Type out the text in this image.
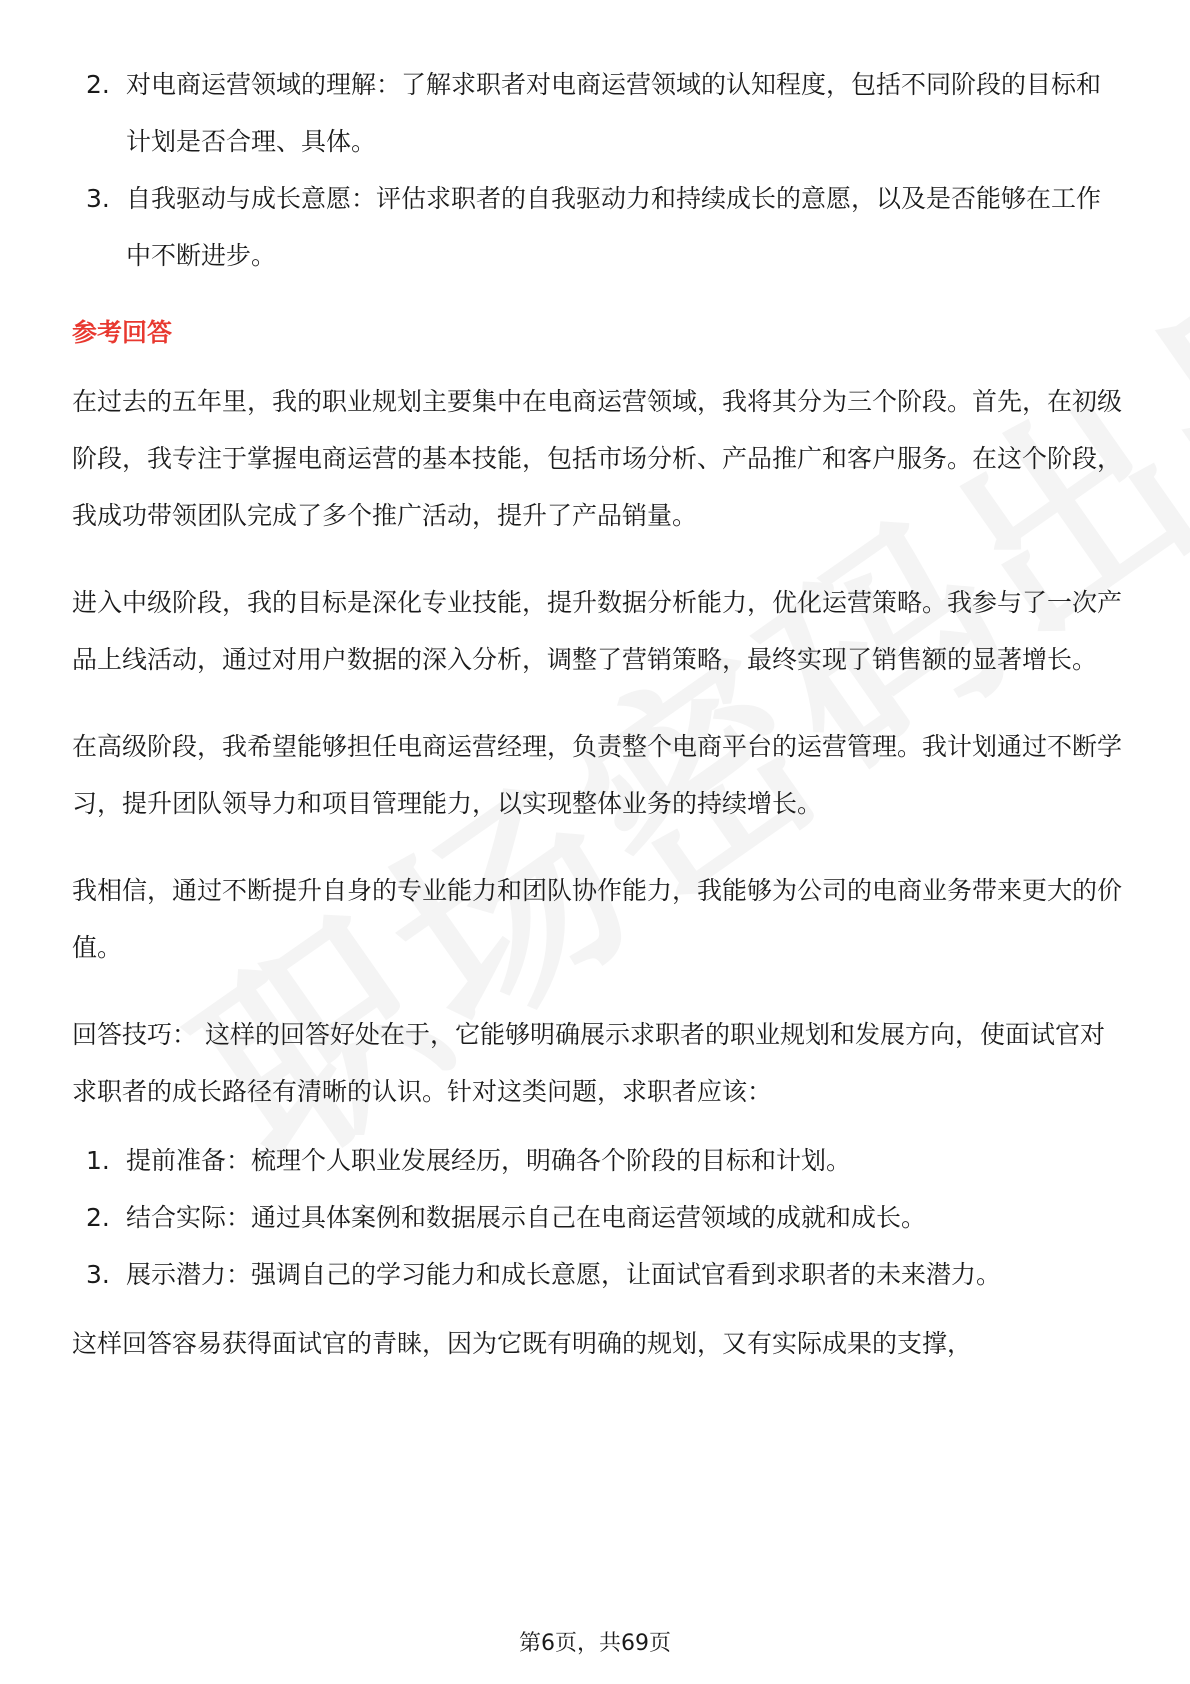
2. 对电商运营领域的理解：了解求职者对电商运营领域的认知程度，包括不同阶段的目标和计划是否合理、具体。
3. 自我驱动与成长意愿：评估求职者的自我驱动力和持续成长的意愿，以及是否能够在工作中不断进步。
参考回答

在过去的五年里，我的职业规划主要集中在电商运营领域，我将其分为三个阶段。首先，在初级阶段，我专注于掌握电商运营的基本技能，包括市场分析、产品推广和客户服务。在这个阶段，我成功带领团队完成了多个推广活动，提升了产品销量。

进入中级阶段，我的目标是深化专业技能，提升数据分析能力，优化运营策略。我参与了一次产品上线活动，通过对用户数据的深入分析，调整了营销策略，最终实现了销售额的显著增长。

在高级阶段，我希望能够担任电商运营经理，负责整个电商平台的运营管理。我计划通过不断学习，提升团队领导力和项目管理能力，以实现整体业务的持续增长。

我相信，通过不断提升自身的专业能力和团队协作能力，我能够为公司的电商业务带来更大的价值。

回答技巧： 这样的回答好处在于，它能够明确展示求职者的职业规划和发展方向，使面试官对求职者的成长路径有清晰的认识。针对这类问题，求职者应该：

1. 提前准备：梳理个人职业发展经历，明确各个阶段的目标和计划。
2. 结合实际：通过具体案例和数据展示自己在电商运营领域的成就和成长。
3. 展示潜力：强调自己的学习能力和成长意愿，让面试官看到求职者的未来潜力。

这样回答容易获得面试官的青睐，因为它既有明确的规划，又有实际成果的支撑，

第6页，共69页
